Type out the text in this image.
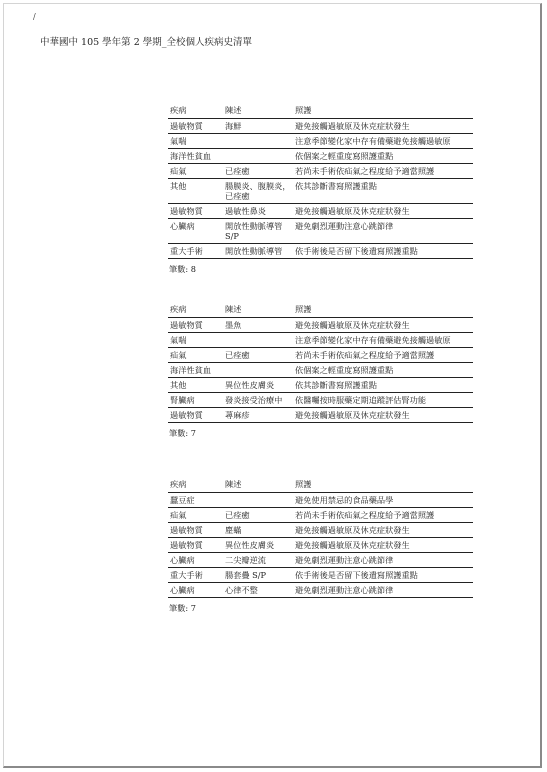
/
中華國中 105 學年第 2 學期_全校個人疾病史清單
疾病	陳述	照護
過敏物質	海鮮	避免接觸過敏原及休克症狀發生
氣喘		注意季節變化家中存有備藥避免接觸過敏原
海洋性貧血		依個案之輕重度寫照護重點
疝氣	已痊癒	若尚未手術依疝氣之程度給予適當照護
其他	腸膜炎、腹膜炎，已痊癒	依其診斷書寫照護重點
過敏物質	過敏性鼻炎	避免接觸過敏原及休克症狀發生
心臟病	開放性動脈導管 S/P	避免劇烈運動注意心跳節律
重大手術	開放性動脈導管	依手術後是否留下後遺寫照護重點
筆數: 8
疾病	陳述	照護
過敏物質	墨魚	避免接觸過敏原及休克症狀發生
氣喘		注意季節變化家中存有備藥避免接觸過敏原
疝氣	已痊癒	若尚未手術依疝氣之程度給予適當照護
海洋性貧血		依個案之輕重度寫照護重點
其他	異位性皮膚炎	依其診斷書寫照護重點
腎臟病	發炎接受治療中	依醫囑按時服藥定期追蹤評估腎功能
過敏物質	蕁麻疹	避免接觸過敏原及休克症狀發生
筆數: 7
疾病	陳述	照護
蠶豆症		避免使用禁忌的食品藥品學
疝氣	已痊癒	若尚未手術依疝氣之程度給予適當照護
過敏物質	塵蟎	避免接觸過敏原及休克症狀發生
過敏物質	異位性皮膚炎	避免接觸過敏原及休克症狀發生
心臟病	二尖瓣逆流	避免劇烈運動注意心跳節律
重大手術	腸套疊 S/P	依手術後是否留下後遺寫照護重點
心臟病	心律不整	避免劇烈運動注意心跳節律
筆數: 7
